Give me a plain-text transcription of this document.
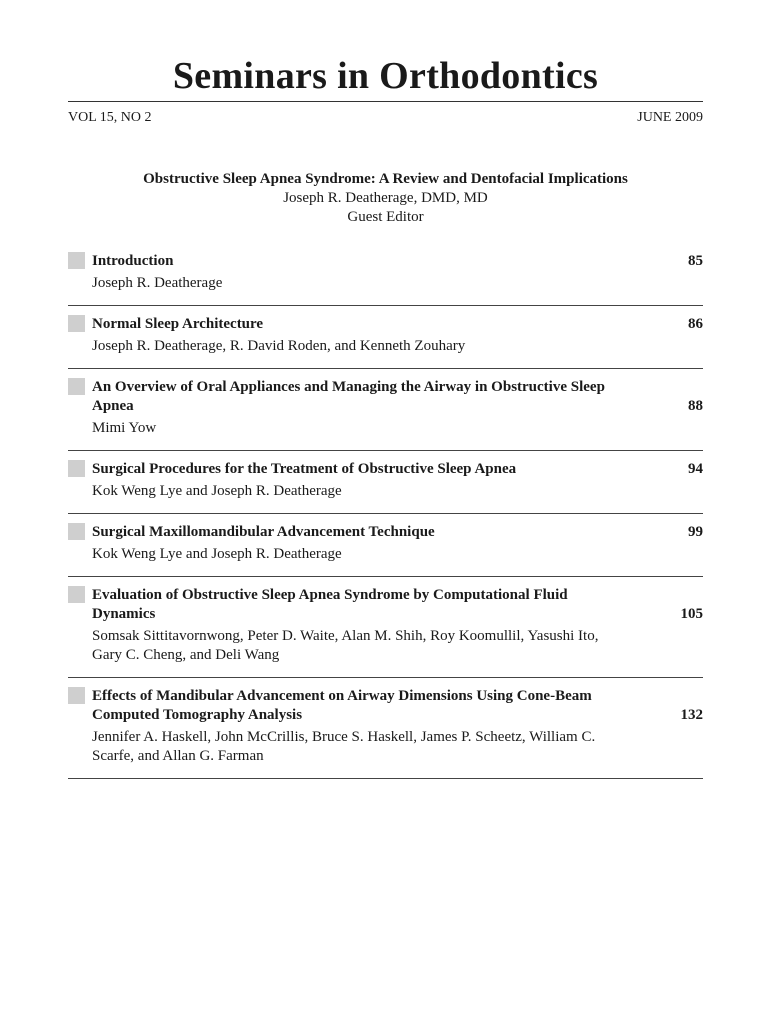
Seminars in Orthodontics
VOL 15, NO 2	JUNE 2009
Obstructive Sleep Apnea Syndrome: A Review and Dentofacial Implications
Joseph R. Deatherage, DMD, MD
Guest Editor
Introduction
Joseph R. Deatherage
85
Normal Sleep Architecture
Joseph R. Deatherage, R. David Roden, and Kenneth Zouhary
86
An Overview of Oral Appliances and Managing the Airway in Obstructive Sleep Apnea
Mimi Yow
88
Surgical Procedures for the Treatment of Obstructive Sleep Apnea
Kok Weng Lye and Joseph R. Deatherage
94
Surgical Maxillomandibular Advancement Technique
Kok Weng Lye and Joseph R. Deatherage
99
Evaluation of Obstructive Sleep Apnea Syndrome by Computational Fluid Dynamics
Somsak Sittitavornwong, Peter D. Waite, Alan M. Shih, Roy Koomullil, Yasushi Ito, Gary C. Cheng, and Deli Wang
105
Effects of Mandibular Advancement on Airway Dimensions Using Cone-Beam Computed Tomography Analysis
Jennifer A. Haskell, John McCrillis, Bruce S. Haskell, James P. Scheetz, William C. Scarfe, and Allan G. Farman
132
